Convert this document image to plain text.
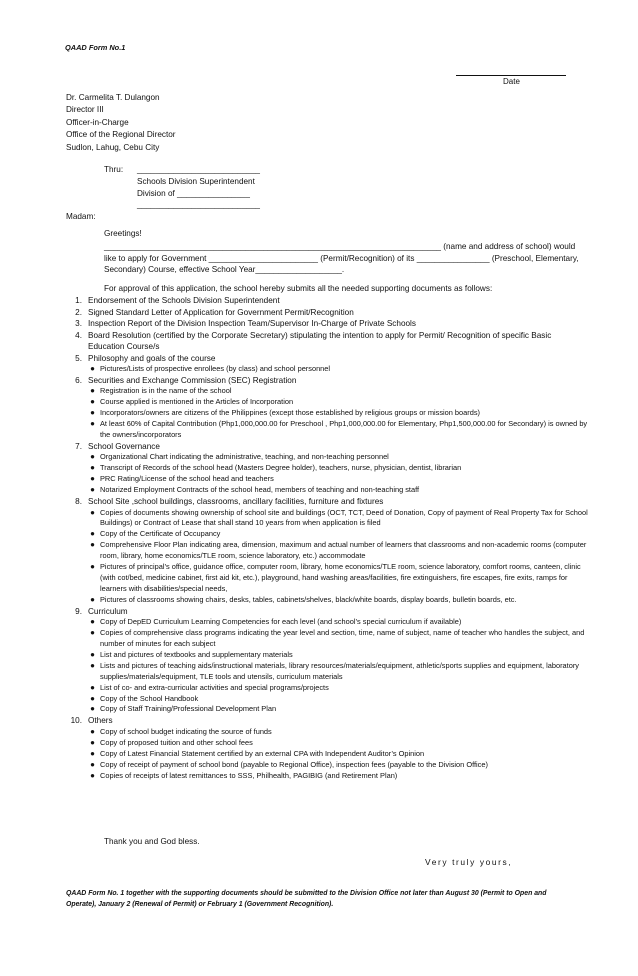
QAAD Form No.1
Date
Dr. Carmelita T. Dulangon
Director III
Officer-in-Charge
Office of the Regional Director
Sudlon, Lahug, Cebu City
Thru: ___________________________
Schools Division Superintendent
Division of ________________
___________________________
Madam:
Greetings!
__________________________________________________________________________ (name and address of school) would like to apply for Government ________________________ (Permit/Recognition) of its ________________ (Preschool, Elementary, Secondary) Course, effective School Year___________________.
For approval of this application, the school hereby submits all the needed supporting documents as follows:
1. Endorsement of the Schools Division Superintendent
2. Signed Standard Letter of Application for Government Permit/Recognition
3. Inspection Report of the Division Inspection Team/Supervisor In-Charge of Private Schools
4. Board Resolution (certified by the Corporate Secretary) stipulating the intention to apply for Permit/ Recognition of specific Basic Education Course/s
5. Philosophy and goals of the course
● Pictures/Lists of prospective enrollees (by class) and school personnel
6. Securities and Exchange Commission (SEC) Registration
● Registration is in the name of the school
● Course applied is mentioned in the Articles of Incorporation
● Incorporators/owners are citizens of the Philippines (except those established by religious groups or mission boards)
● At least 60% of Capital Contribution (Php1,000,000.00 for Preschool , Php1,000,000.00 for Elementary, Php1,500,000.00 for Secondary) is owned by the owners/incorporators
7. School Governance
● Organizational Chart indicating the administrative, teaching, and non-teaching personnel
● Transcript of Records of the school head (Masters Degree holder), teachers, nurse, physician, dentist, librarian
● PRC Rating/License of the school head and teachers
● Notarized Employment Contracts of the school head, members of teaching and non-teaching staff
8. School Site ,school buildings, classrooms, ancillary facilities, furniture and fixtures
● Copies of documents showing ownership of school site and buildings (OCT, TCT, Deed of Donation, Copy of payment of Real Property Tax for School Buildings) or Contract of Lease that shall stand 10 years from when application is filed
● Copy of the Certificate of Occupancy
● Comprehensive Floor Plan indicating area, dimension, maximum and actual number of learners that classrooms and non-academic rooms (computer room, library, home economics/TLE room, science laboratory, etc.) accommodate
● Pictures of principal’s office, guidance office, computer room, library, home economics/TLE room, science laboratory, comfort rooms, canteen, clinic (with cot/bed, medicine cabinet, first aid kit, etc.), playground, hand washing areas/facilities, fire extinguishers, fire escapes, fire exits, ramps for learners with disabilities/special needs,
● Pictures of classrooms showing chairs, desks, tables, cabinets/shelves, black/white boards, display boards, bulletin boards, etc.
9. Curriculum
● Copy of DepED Curriculum Learning Competencies for each level (and school’s special curriculum if available)
● Copies of comprehensive class programs indicating the year level and section, time, name of subject, name of teacher who handles the subject, and number of minutes for each subject
● List and pictures of textbooks and supplementary materials
● Lists and pictures of teaching aids/instructional materials, library resources/materials/equipment, athletic/sports supplies and equipment, laboratory supplies/materials/equipment, TLE tools and utensils, curriculum materials
● List of co- and extra-curricular activities and special programs/projects
● Copy of the School Handbook
● Copy of Staff Training/Professional Development Plan
10. Others
● Copy of school budget indicating the source of funds
● Copy of proposed tuition and other school fees
● Copy of Latest Financial Statement certified by an external CPA with Independent Auditor’s Opinion
● Copy of receipt of payment of school bond (payable to Regional Office), inspection fees (payable to the Division Office)
● Copies of receipts of latest remittances to SSS, Philhealth, PAGIBIG (and Retirement Plan)
Thank you and God bless.
Very truly yours,
QAAD Form No. 1 together with the supporting documents should be submitted to the Division Office not later than August 30 (Permit to Open and Operate), January 2 (Renewal of Permit) or February 1 (Government Recognition).
